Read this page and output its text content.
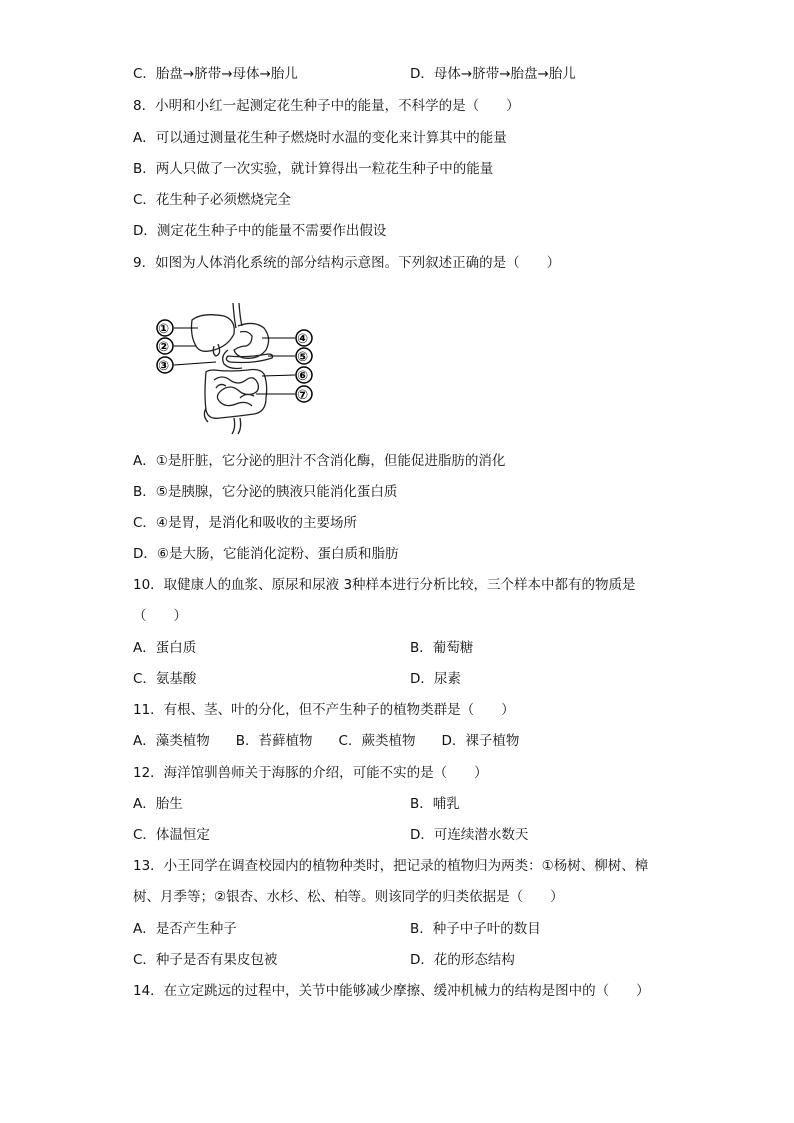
C．胎盘→脐带→母体→胎儿	D．母体→脐带→胎盘→胎儿
8．小明和小红一起测定花生种子中的能量，不科学的是（　　）
A．可以通过测量花生种子燃烧时水温的变化来计算其中的能量
B．两人只做了一次实验，就计算得出一粒花生种子中的能量
C．花生种子必须燃烧完全
D．测定花生种子中的能量不需要作出假设
9．如图为人体消化系统的部分结构示意图。下列叙述正确的是（　　）
①
②
③
④
⑤
⑥
⑦
A．①是肝脏，它分泌的胆汁不含消化酶，但能促进脂肪的消化
B．⑤是胰腺，它分泌的胰液只能消化蛋白质
C．④是胃，是消化和吸收的主要场所
D．⑥是大肠，它能消化淀粉、蛋白质和脂肪
10．取健康人的血浆、原尿和尿液 3种样本进行分析比较，三个样本中都有的物质是
（　　）
A．蛋白质	B．葡萄糖
C．氨基酸	D．尿素
11．有根、茎、叶的分化，但不产生种子的植物类群是（　　）
A．藻类植物 B．苔藓植物 C．蕨类植物 D．裸子植物
12．海洋馆驯兽师关于海豚的介绍，可能不实的是（　　）
A．胎生	B．哺乳
C．体温恒定	D．可连续潜水数天
13．小王同学在调查校园内的植物种类时，把记录的植物归为两类：①杨树、柳树、樟
树、月季等；②银杏、水杉、松、柏等。则该同学的归类依据是（　　）
A．是否产生种子	B．种子中子叶的数目
C．种子是否有果皮包被	D．花的形态结构
14．在立定跳远的过程中，关节中能够减少摩擦、缓冲机械力的结构是图中的（　　）
